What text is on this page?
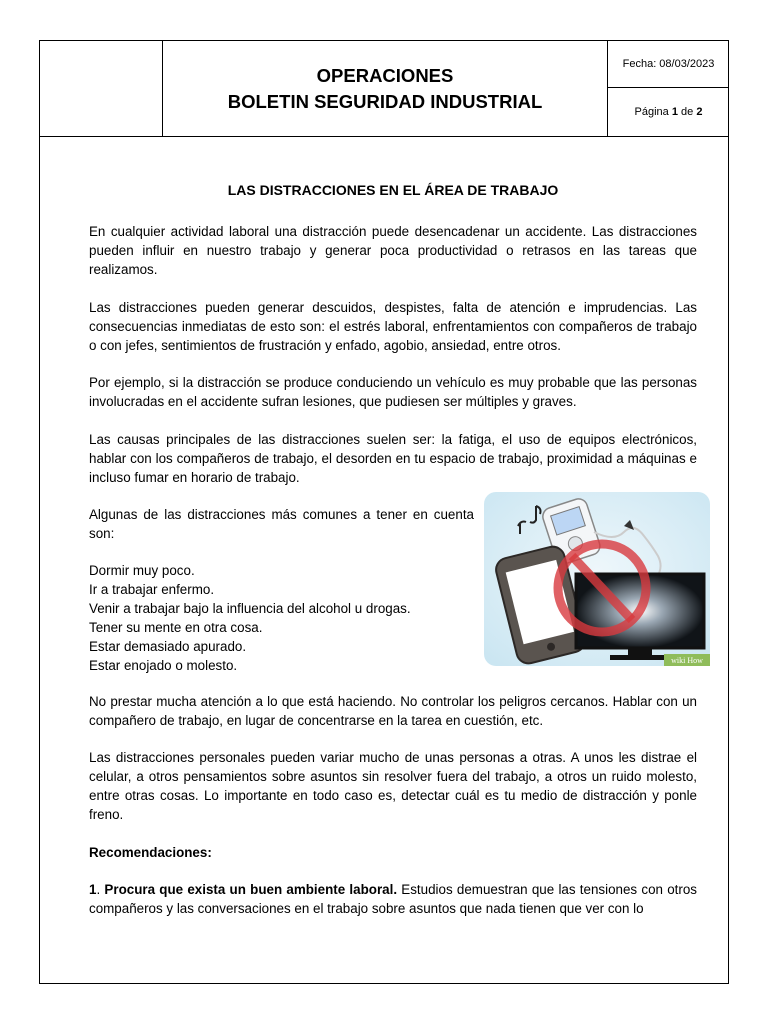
OPERACIONES
BOLETIN SEGURIDAD INDUSTRIAL
Fecha: 08/03/2023
Página
1
de
2
LAS DISTRACCIONES EN EL ÁREA DE TRABAJO

En cualquier actividad laboral una distracción puede desencadenar un accidente. Las distracciones pueden influir en nuestro trabajo y generar poca productividad o retrasos en las tareas que realizamos.

Las distracciones pueden generar descuidos, despistes, falta de atención e imprudencias. Las consecuencias inmediatas de esto son: el estrés laboral, enfrentamientos con compañeros de trabajo o con jefes, sentimientos de frustración y enfado, agobio, ansiedad, entre otros.

Por ejemplo, si la distracción se produce conduciendo un vehículo es muy probable que las personas involucradas en el accidente sufran lesiones, que pudiesen ser múltiples y graves.

Las causas principales de las distracciones suelen ser: la fatiga, el uso de equipos electrónicos, hablar con los compañeros de trabajo, el desorden en tu espacio de trabajo, proximidad a máquinas e incluso fumar en horario de trabajo.

Algunas de las distracciones más comunes a tener en cuenta son:
Dormir muy poco.
Ir a trabajar enfermo.
Venir a trabajar bajo la influencia del alcohol u drogas.
Tener su mente en otra cosa.
Estar demasiado apurado.
Estar enojado o molesto.

No prestar mucha atención a lo que está haciendo. No controlar los peligros cercanos. Hablar con un compañero de trabajo, en lugar de concentrarse en la tarea en cuestión, etc.

Las distracciones personales pueden variar mucho de unas personas a otras. A unos les distrae el celular, a otros pensamientos sobre asuntos sin resolver fuera del trabajo, a otros un ruido molesto, entre otras cosas. Lo importante en todo caso es, detectar cuál es tu medio de distracción y ponle freno.

Recomendaciones:

1. Procura que exista un buen ambiente laboral. Estudios demuestran que las tensiones con otros compañeros y las conversaciones en el trabajo sobre asuntos que nada tienen que ver con lo

wiki How
